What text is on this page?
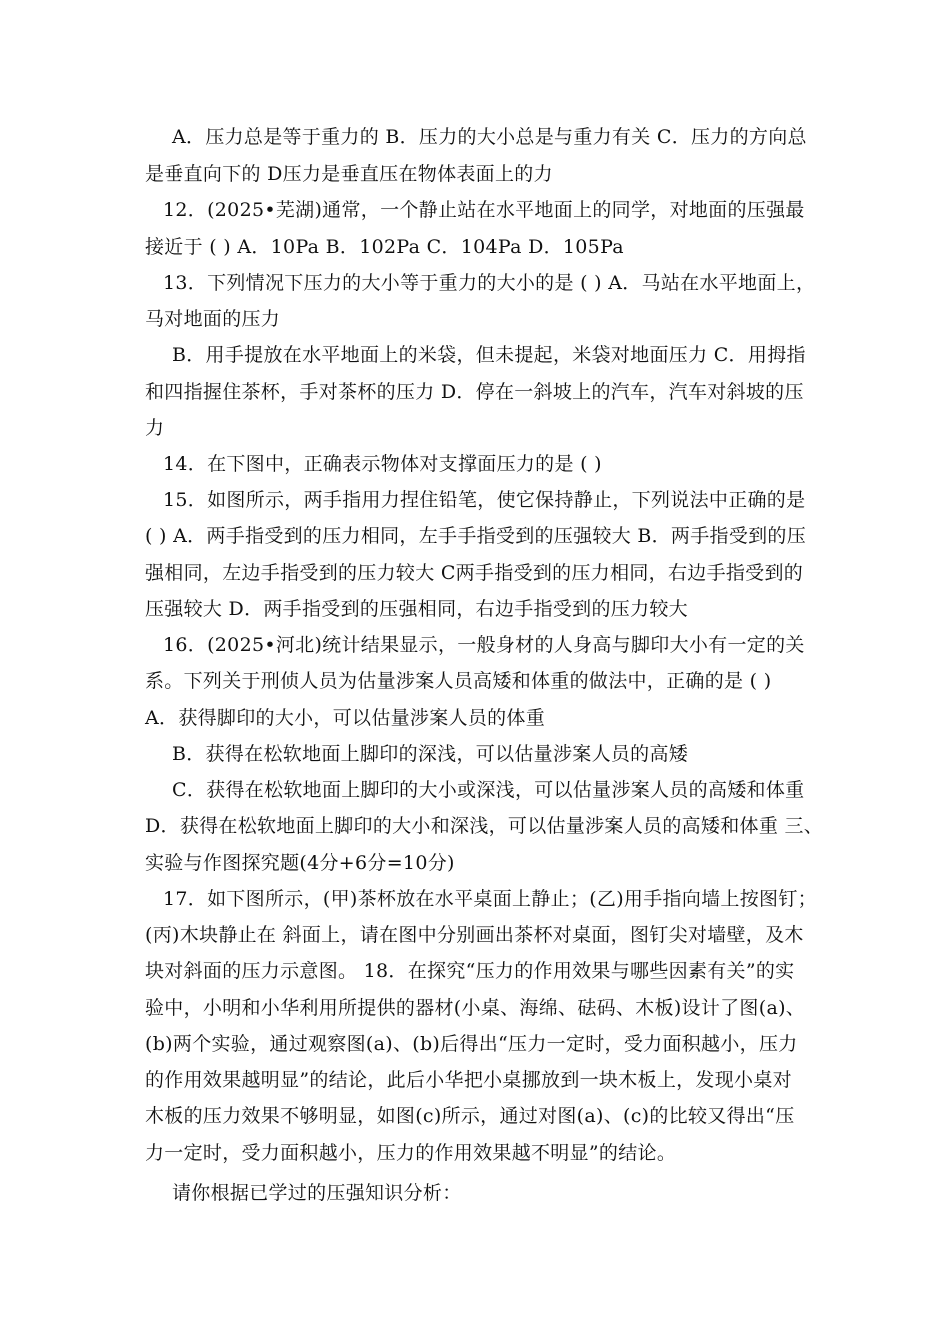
A．压力总是等于重力的 B．压力的大小总是与重力有关 C．压力的方向总
是垂直向下的 D压力是垂直压在物体表面上的力
12．(2025•芜湖)通常，一个静止站在水平地面上的同学，对地面的压强最
接近于 ( ) A．10Pa B．102Pa C．104Pa D．105Pa
13．下列情况下压力的大小等于重力的大小的是 ( ) A．马站在水平地面上，
马对地面的压力
B．用手提放在水平地面上的米袋，但未提起，米袋对地面压力 C．用拇指
和四指握住茶杯，手对茶杯的压力 D．停在一斜坡上的汽车，汽车对斜坡的压
力
14．在下图中，正确表示物体对支撑面压力的是 ( )
15．如图所示，两手指用力捏住铅笔，使它保持静止，下列说法中正确的是
( ) A．两手指受到的压力相同，左手手指受到的压强较大 B．两手指受到的压
强相同，左边手指受到的压力较大 C两手指受到的压力相同，右边手指受到的
压强较大 D．两手指受到的压强相同，右边手指受到的压力较大
16．(2025•河北)统计结果显示，一般身材的人身高与脚印大小有一定的关
系。下列关于刑侦人员为估量涉案人员高矮和体重的做法中，正确的是 ( )
A．获得脚印的大小，可以估量涉案人员的体重
B．获得在松软地面上脚印的深浅，可以估量涉案人员的高矮
C．获得在松软地面上脚印的大小或深浅，可以估量涉案人员的高矮和体重
D．获得在松软地面上脚印的大小和深浅，可以估量涉案人员的高矮和体重 三、
实验与作图探究题(4分+6分=10分)
17．如下图所示，(甲)茶杯放在水平桌面上静止；(乙)用手指向墙上按图钉；
(丙)木块静止在 斜面上，请在图中分别画出茶杯对桌面，图钉尖对墙壁，及木
块对斜面的压力示意图。 18．在探究“压力的作用效果与哪些因素有关”的实
验中，小明和小华利用所提供的器材(小桌、海绵、砝码、木板)设计了图(a)、
(b)两个实验，通过观察图(a)、(b)后得出“压力一定时，受力面积越小，压力
的作用效果越明显”的结论，此后小华把小桌挪放到一块木板上，发现小桌对
木板的压力效果不够明显，如图(c)所示，通过对图(a)、(c)的比较又得出“压
力一定时，受力面积越小，压力的作用效果越不明显”的结论。
请你根据已学过的压强知识分析：
